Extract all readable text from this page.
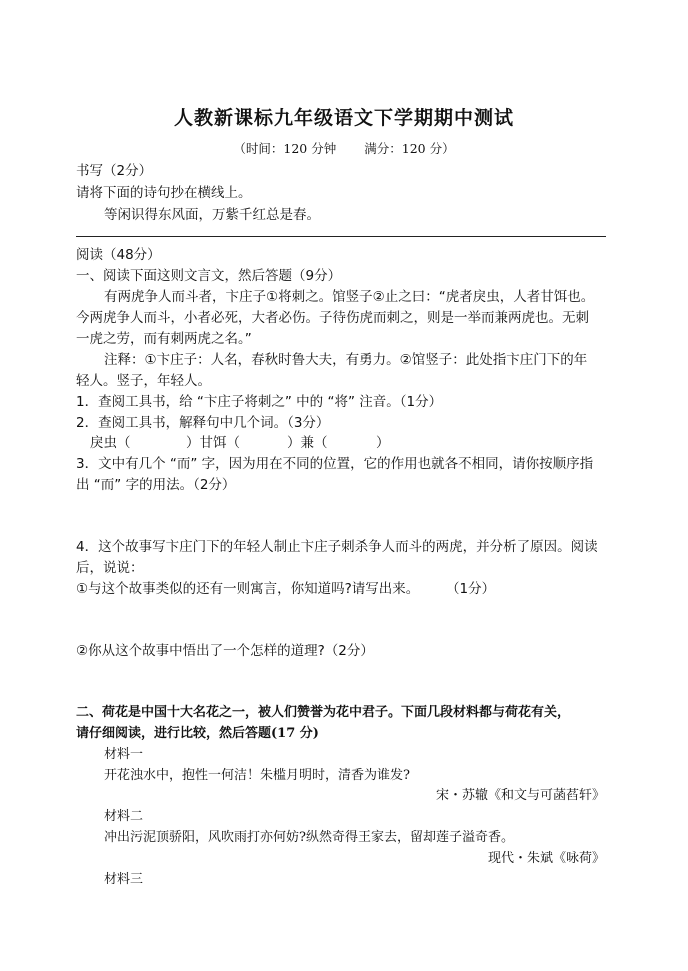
人教新课标九年级语文下学期期中测试
（时间：120 分钟 满分：120 分）
书写（2分）
请将下面的诗句抄在横线上。
等闲识得东风面，万紫千红总是春。
阅读（48分）
一、阅读下面这则文言文，然后答题（9分）
有两虎争人而斗者，卞庄子①将刺之。馆竖子②止之曰：“虎者戾虫，人者甘饵也。
今两虎争人而斗，小者必死，大者必伤。子待伤虎而刺之，则是一举而兼两虎也。无刺
一虎之劳，而有刺两虎之名。”
注释：①卞庄子：人名，春秋时鲁大夫，有勇力。②馆竖子：此处指卞庄门下的年
轻人。竖子，年轻人。
1．查阅工具书，给 “卞庄子将刺之” 中的 “将” 注音。（1分）
2．查阅工具书，解释句中几个词。（3分）
戾虫（	）甘饵（	）兼（	）
3．文中有几个 “而” 字，因为用在不同的位置，它的作用也就各不相同，请你按顺序指
出 “而” 字的用法。（2分）
4．这个故事写卞庄门下的年轻人制止卞庄子刺杀争人而斗的两虎，并分析了原因。阅读
后，说说：
①与这个故事类似的还有一则寓言，你知道吗?请写出来。 （1分）
②你从这个故事中悟出了一个怎样的道理?（2分）
二、荷花是中国十大名花之一，被人们赞誉为花中君子。下面几段材料都与荷花有关，
请仔细阅读，进行比较，然后答题(17 分)
材料一
开花浊水中，抱性一何洁！朱槛月明时，清香为谁发?
宋・苏辙《和文与可菡萏轩》
材料二
冲出污泥顶骄阳，风吹雨打亦何妨?纵然奇得王家去，留却莲子溢奇香。
现代・朱斌《咏荷》
材料三
